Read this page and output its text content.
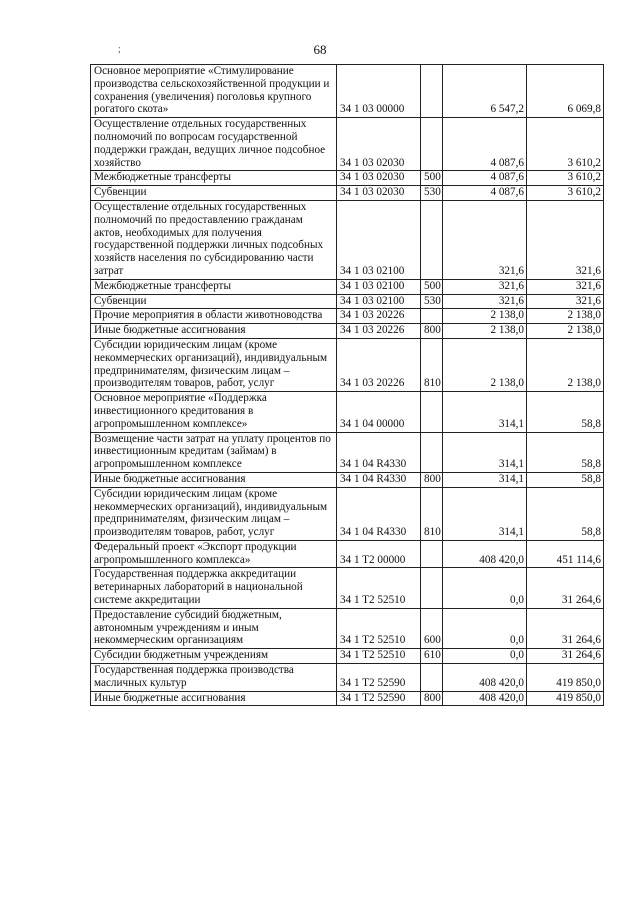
68
;
Основное мероприятие «Стимулирование производства сельскохозяйственной продукции и сохранения (увеличения) поголовья крупного рогатого скота»	34 1 03 00000		6 547,2	6 069,8
Осуществление отдельных государственных полномочий по вопросам государственной поддержки граждан, ведущих личное подсобное хозяйство	34 1 03 02030		4 087,6	3 610,2
Межбюджетные трансферты	34 1 03 02030	500	4 087,6	3 610,2
Субвенции	34 1 03 02030	530	4 087,6	3 610,2
Осуществление отдельных государственных полномочий по предоставлению гражданам актов, необходимых для получения государственной поддержки личных подсобных хозяйств населения по субсидированию части затрат	34 1 03 02100		321,6	321,6
Межбюджетные трансферты	34 1 03 02100	500	321,6	321,6
Субвенции	34 1 03 02100	530	321,6	321,6
Прочие мероприятия в области животноводства	34 1 03 20226		2 138,0	2 138,0
Иные бюджетные ассигнования	34 1 03 20226	800	2 138,0	2 138,0
Субсидии юридическим лицам (кроме некоммерческих организаций), индивидуальным предпринимателям, физическим лицам – производителям товаров, работ, услуг	34 1 03 20226	810	2 138,0	2 138,0
Основное мероприятие «Поддержка инвестиционного кредитования в агропромышленном комплексе»	34 1 04 00000		314,1	58,8
Возмещение части затрат на уплату процентов по инвестиционным кредитам (займам) в агропромышленном комплексе	34 1 04 R4330		314,1	58,8
Иные бюджетные ассигнования	34 1 04 R4330	800	314,1	58,8
Субсидии юридическим лицам (кроме некоммерческих организаций), индивидуальным предпринимателям, физическим лицам – производителям товаров, работ, услуг	34 1 04 R4330	810	314,1	58,8
Федеральный проект «Экспорт продукции агропромышленного комплекса»	34 1 T2 00000		408 420,0	451 114,6
Государственная поддержка аккредитации ветеринарных лабораторий в национальной системе аккредитации	34 1 T2 52510		0,0	31 264,6
Предоставление субсидий бюджетным, автономным учреждениям и иным некоммерческим организациям	34 1 T2 52510	600	0,0	31 264,6
Субсидии бюджетным учреждениям	34 1 T2 52510	610	0,0	31 264,6
Государственная поддержка производства масличных культур	34 1 T2 52590		408 420,0	419 850,0
Иные бюджетные ассигнования	34 1 T2 52590	800	408 420,0	419 850,0
